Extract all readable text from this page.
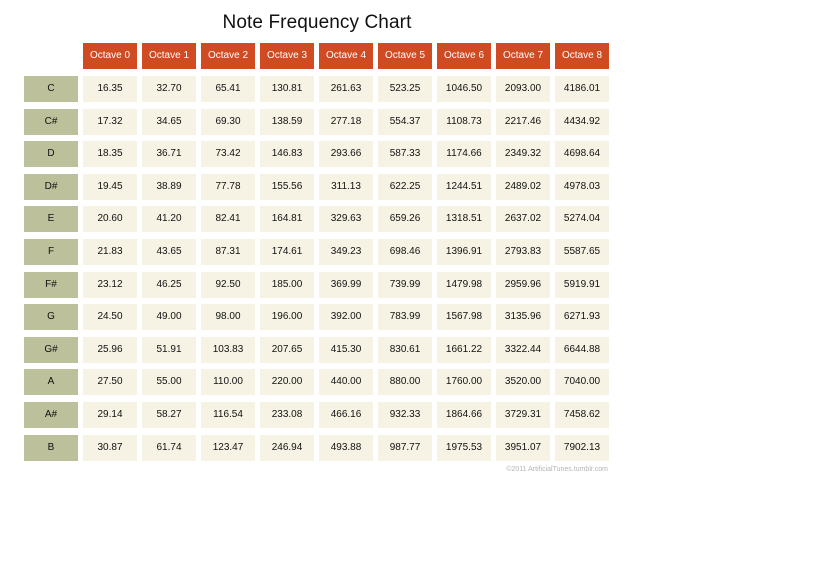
Note Frequency Chart
Octave 0	Octave 1	Octave 2	Octave 3	Octave 4	Octave 5	Octave 6	Octave 7	Octave 8
C	16.35	32.70	65.41	130.81	261.63	523.25	1046.50	2093.00	4186.01
C#	17.32	34.65	69.30	138.59	277.18	554.37	1108.73	2217.46	4434.92
D	18.35	36.71	73.42	146.83	293.66	587.33	1174.66	2349.32	4698.64
D#	19.45	38.89	77.78	155.56	311.13	622.25	1244.51	2489.02	4978.03
E	20.60	41.20	82.41	164.81	329.63	659.26	1318.51	2637.02	5274.04
F	21.83	43.65	87.31	174.61	349.23	698.46	1396.91	2793.83	5587.65
F#	23.12	46.25	92.50	185.00	369.99	739.99	1479.98	2959.96	5919.91
G	24.50	49.00	98.00	196.00	392.00	783.99	1567.98	3135.96	6271.93
G#	25.96	51.91	103.83	207.65	415.30	830.61	1661.22	3322.44	6644.88
A	27.50	55.00	110.00	220.00	440.00	880.00	1760.00	3520.00	7040.00
A#	29.14	58.27	116.54	233.08	466.16	932.33	1864.66	3729.31	7458.62
B	30.87	61.74	123.47	246.94	493.88	987.77	1975.53	3951.07	7902.13
©2011 ArtificialTunes.tumblr.com
